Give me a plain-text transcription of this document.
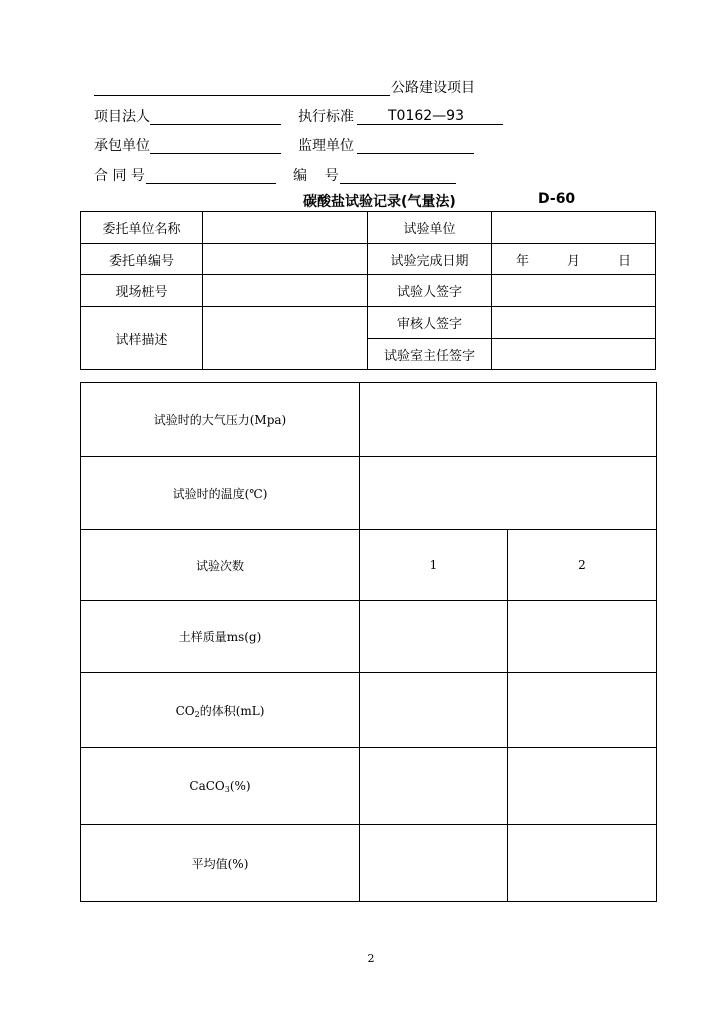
公路建设项目
项目法人	执行标准 T0162—93
承包单位	监理单位
合 同 号	编    号
碳酸盐试验记录(气量法)	D-60
委托单位名称		试验单位	
委托单编号		试验完成日期	年 月 日

现场桩号		试验人签字	
试样描述		审核人签字	
		试验室主任签字	
试验时的大气压力(Mpa)		
试验时的温度(℃)		
试验次数	1	2
土样质量ms(g)		
$CO_2$的体积(mL)		
CaCO$_3$(%)		
平均值(%)		
2
